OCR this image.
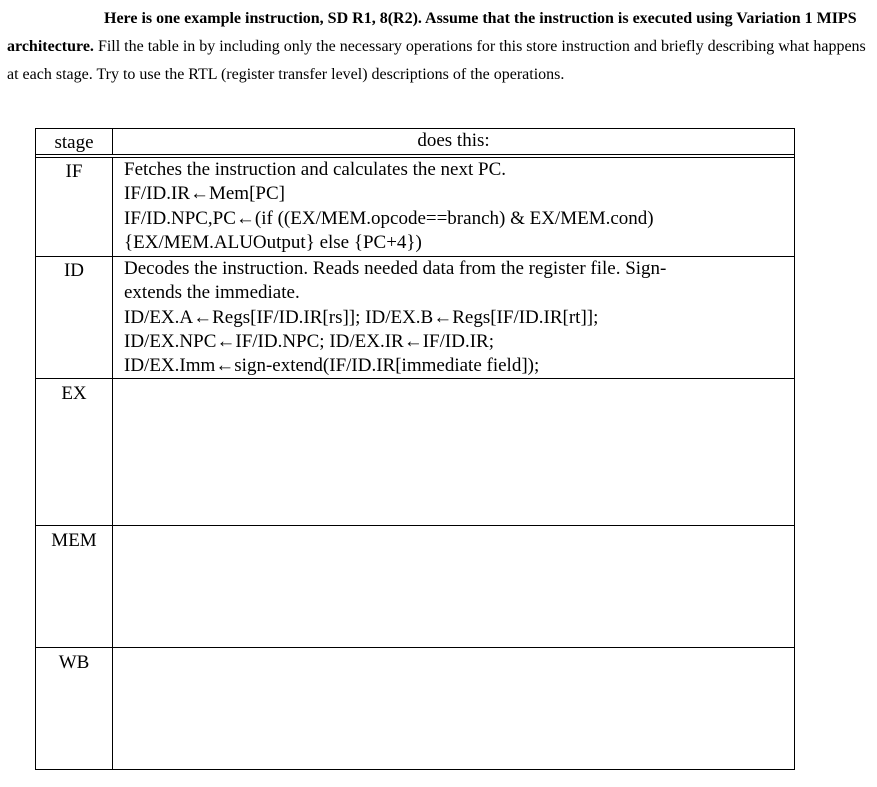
Here is one example instruction, SD R1, 8(R2). Assume that the instruction is executed using Variation 1 MIPS architecture. Fill the table in by including only the necessary operations for this store instruction and briefly describing what happens at each stage. Try to use the RTL (register transfer level) descriptions of the operations.

stage	does this:
IF	Fetches the instruction and calculates the next PC.
IF/ID.IR←Mem[PC]
IF/ID.NPC,PC←(if ((EX/MEM.opcode==branch) & EX/MEM.cond)
{EX/MEM.ALUOutput} else {PC+4})
ID	Decodes the instruction. Reads needed data from the register file. Sign-
extends the immediate.
ID/EX.A←Regs[IF/ID.IR[rs]]; ID/EX.B←Regs[IF/ID.IR[rt]];
ID/EX.NPC←IF/ID.NPC; ID/EX.IR←IF/ID.IR;
ID/EX.Imm←sign-extend(IF/ID.IR[immediate field]);
EX
MEM
WB
